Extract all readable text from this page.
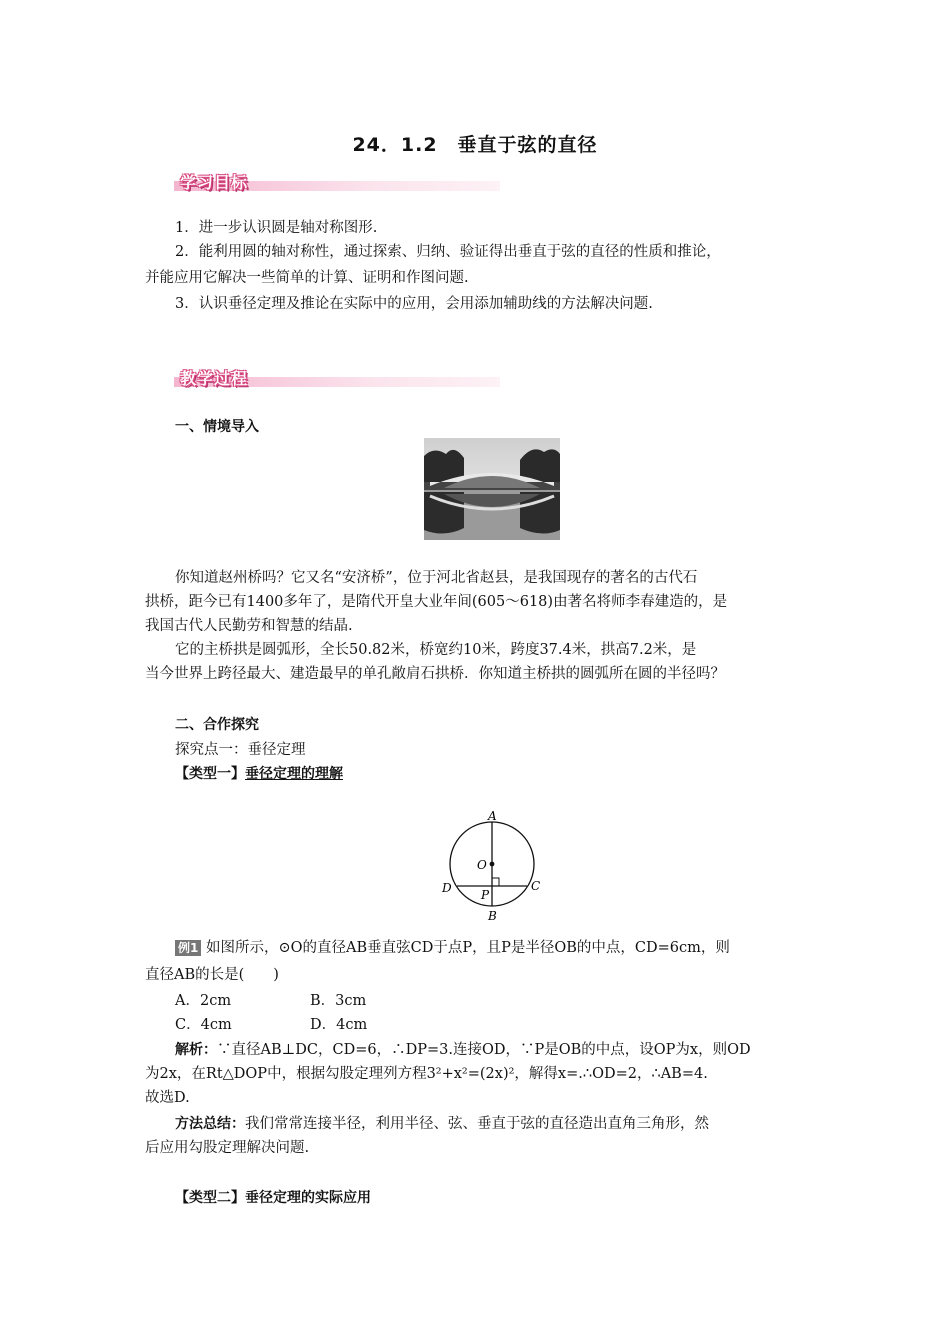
24．1.2　垂直于弦的直径
学习目标
1．进一步认识圆是轴对称图形.
2．能利用圆的轴对称性，通过探索、归纳、验证得出垂直于弦的直径的性质和推论，
并能应用它解决一些简单的计算、证明和作图问题.
3．认识垂径定理及推论在实际中的应用，会用添加辅助线的方法解决问题.
教学过程
一、情境导入
你知道赵州桥吗？它又名“安济桥”，位于河北省赵县，是我国现存的著名的古代石
拱桥，距今已有1400多年了，是隋代开皇大业年间(605～618)由著名将师李春建造的，是
我国古代人民勤劳和智慧的结晶.
它的主桥拱是圆弧形，全长50.82米，桥宽约10米，跨度37.4米，拱高7.2米，是
当今世界上跨径最大、建造最早的单孔敞肩石拱桥．你知道主桥拱的圆弧所在圆的半径吗？
二、合作探究
探究点一：垂径定理
【类型一】垂径定理的理解
A
B
C
D
O
P
例1 如图所示，⊙O的直径AB垂直弦CD于点P，且P是半径OB的中点，CD=6cm，则
直径AB的长是(　　)
A．2cm	B．3cm
C．4cm	D．4cm
解析：∵直径AB⊥DC，CD=6，∴DP=3.连接OD，∵P是OB的中点，设OP为x，则OD
为2x，在Rt△DOP中，根据勾股定理列方程3²+x²=(2x)²，解得x=.∴OD=2，∴AB=4.
故选D.
方法总结：我们常常连接半径，利用半径、弦、垂直于弦的直径造出直角三角形，然
后应用勾股定理解决问题.
【类型二】垂径定理的实际应用
